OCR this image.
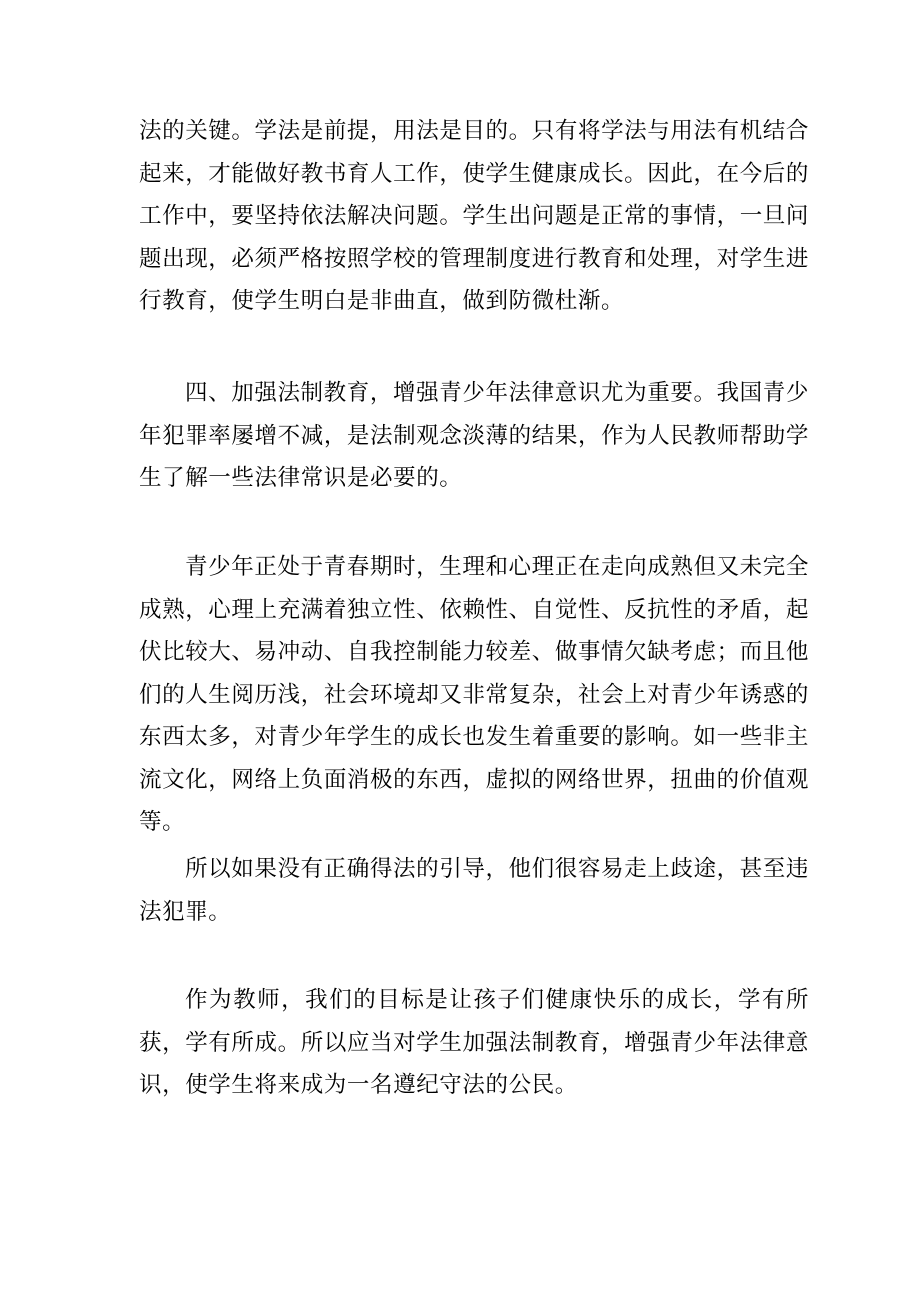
法的关键。学法是前提，用法是目的。只有将学法与用法有机结合起来，才能做好教书育人工作，使学生健康成长。因此，在今后的工作中，要坚持依法解决问题。学生出问题是正常的事情，一旦问题出现，必须严格按照学校的管理制度进行教育和处理，对学生进行教育，使学生明白是非曲直，做到防微杜渐。

四、加强法制教育，增强青少年法律意识尤为重要。我国青少年犯罪率屡增不减，是法制观念淡薄的结果，作为人民教师帮助学生了解一些法律常识是必要的。

青少年正处于青春期时，生理和心理正在走向成熟但又未完全成熟，心理上充满着独立性、依赖性、自觉性、反抗性的矛盾，起伏比较大、易冲动、自我控制能力较差、做事情欠缺考虑；而且他们的人生阅历浅，社会环境却又非常复杂，社会上对青少年诱惑的东西太多，对青少年学生的成长也发生着重要的影响。如一些非主流文化，网络上负面消极的东西，虚拟的网络世界，扭曲的价值观等。

所以如果没有正确得法的引导，他们很容易走上歧途，甚至违法犯罪。

作为教师，我们的目标是让孩子们健康快乐的成长，学有所获，学有所成。所以应当对学生加强法制教育，增强青少年法律意识，使学生将来成为一名遵纪守法的公民。
